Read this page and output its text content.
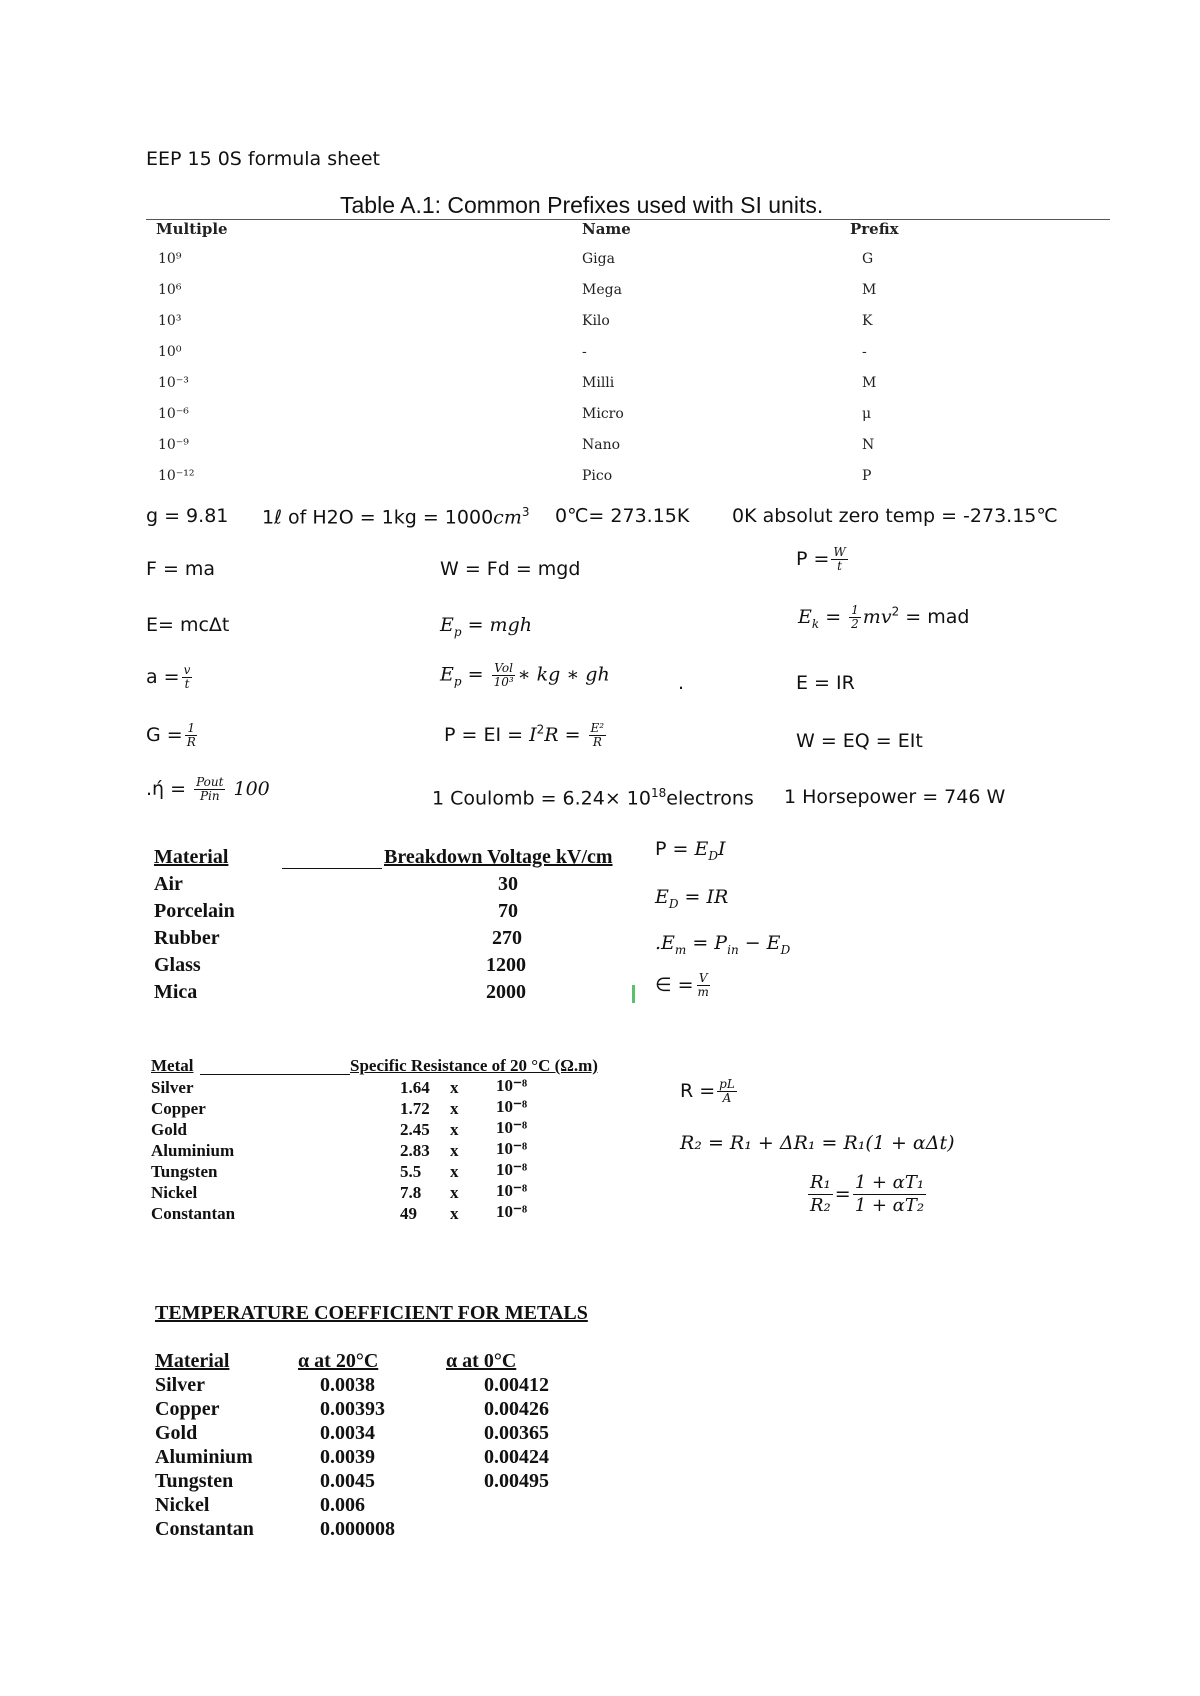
EEP 15 0S formula sheet
Table A.1: Common Prefixes used with SI units.
Multiple	Name	Prefix
10⁹	Giga	G
10⁶	Mega	M
10³	Kilo	K
10⁰	-	-
10⁻³	Milli	M
10⁻⁶	Micro	μ
10⁻⁹	Nano	N
10⁻¹²	Pico	P
g = 9.81 1ℓ of $H2O = 1kg = 1000cm^3$ 0℃= 273.15K 0K absolut zero temp = -273.15℃
F = ma	W = Fd = mgd	$P = \frac{W}{t}$
E= mcΔt	$E_p$ = mgh	$E_k = \frac{1}{2} mv^2$ = mad
$a = \frac{v}{t}$	$E_p = \frac{\text{Vol}}{\text{10³}}$ ∗ kg ∗ gh	.	E = IR
$G = \frac{1}{R}$	P = EI = $I^2R = \frac{\text{E²}}{R}$	W = EQ = EIt
$.ή = \frac{\text{Pout}}{\text{Pin}} 100$	1 Coulomb = $6.24\times 10^{18}electrons$ 1 Horsepower = 746 W
Material	Breakdown Voltage kV/cm
Air	30
Porcelain	70
Rubber	270
Glass	1200
Mica	2000
$P = E_DI$
$E_D$ = IR
$.E_m = P_{in} - E_D$
∈ = $\frac{V}{m}$
Metal	Specific Resistance of 20 °C (Ω.m)
Silver	1.64 x 10⁻⁸
Copper	1.72 x 10⁻⁸
Gold	2.45 x 10⁻⁸
Aluminium	2.83 x 10⁻⁸
Tungsten	5.5 x 10⁻⁸
Nickel	7.8 x 10⁻⁸
Constantan	49 x 10⁻⁸
$R = \frac{pL}{A}$
R₂ = R₁ + ΔR₁ = R₁(1 + αΔt)
$\frac{\text{R₁}}{\text{R₂}} = \frac{\text{1 + αT₁}}{\text{1 + αT₂}}$
TEMPERATURE COEFFICIENT FOR METALS
Material	α at 20°C	α at 0°C
Silver	0.0038	0.00412
Copper	0.00393	0.00426
Gold	0.0034	0.00365
Aluminium	0.0039	0.00424
Tungsten	0.0045	0.00495
Nickel	0.006
Constantan	0.000008
